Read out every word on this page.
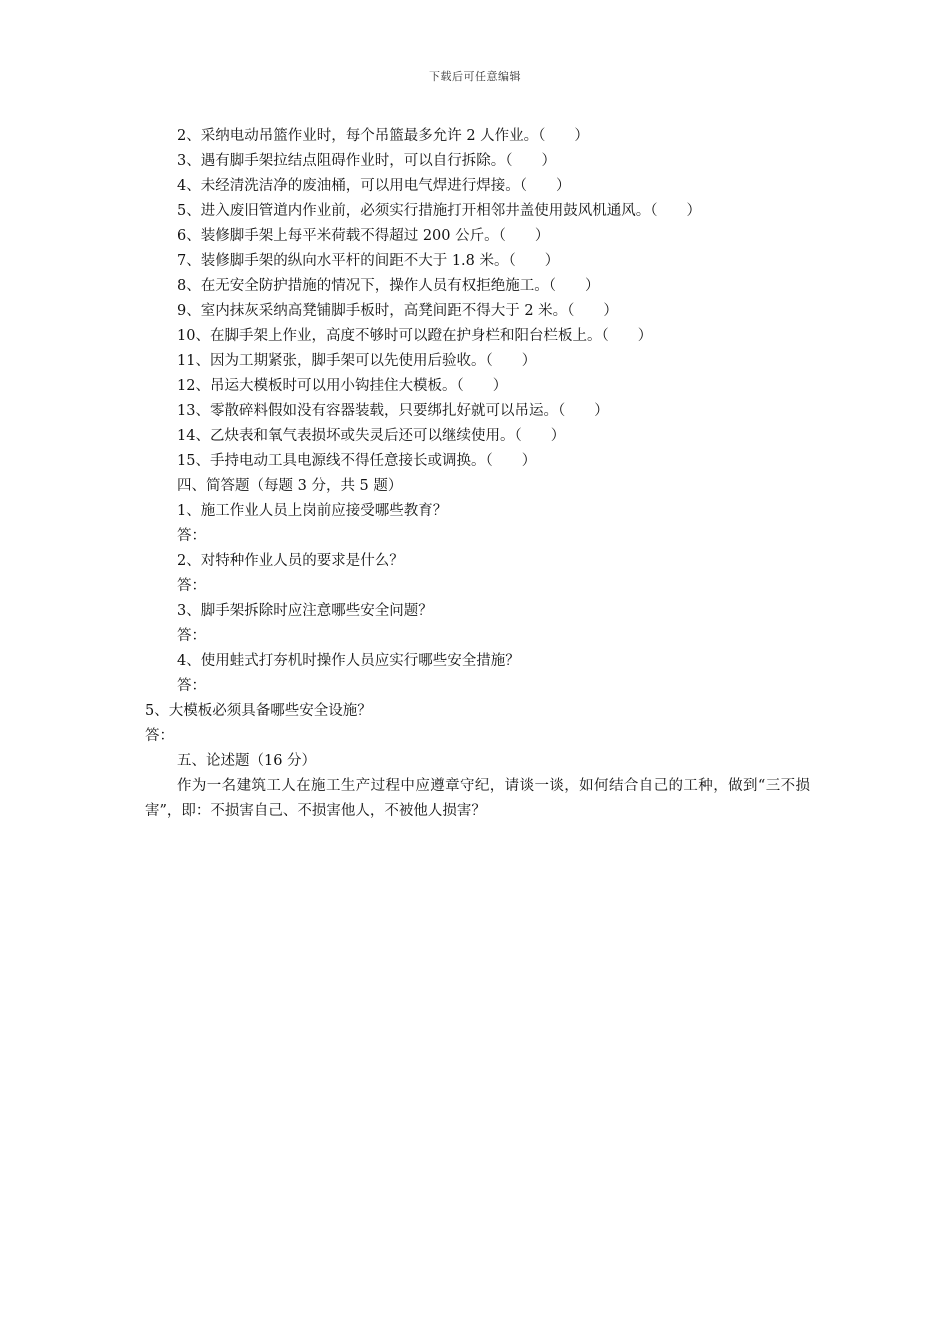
下载后可任意编辑
2、采纳电动吊篮作业时，每个吊篮最多允许 2 人作业。（　　）
3、遇有脚手架拉结点阻碍作业时，可以自行拆除。（　　）
4、未经清洗洁净的废油桶，可以用电气焊进行焊接。（　　）
5、进入废旧管道内作业前，必须实行措施打开相邻井盖使用鼓风机通风。（　　）
6、装修脚手架上每平米荷载不得超过 200 公斤。（　　）
7、装修脚手架的纵向水平杆的间距不大于 1.8 米。（　　）
8、在无安全防护措施的情况下，操作人员有权拒绝施工。（　　）
9、室内抹灰采纳高凳铺脚手板时，高凳间距不得大于 2 米。（　　）
10、在脚手架上作业，高度不够时可以蹬在护身栏和阳台栏板上。（　　）
11、因为工期紧张，脚手架可以先使用后验收。（　　）
12、吊运大模板时可以用小钩挂住大模板。（　　）
13、零散碎料假如没有容器装载，只要绑扎好就可以吊运。（　　）
14、乙炔表和氧气表损坏或失灵后还可以继续使用。（　　）
15、手持电动工具电源线不得任意接长或调换。（　　）
四、简答题（每题 3 分，共 5 题）
1、施工作业人员上岗前应接受哪些教育？
答：
2、对特种作业人员的要求是什么？
答：
3、脚手架拆除时应注意哪些安全问题？
答：
4、使用蛙式打夯机时操作人员应实行哪些安全措施？
答：
5、大模板必须具备哪些安全设施？
答：
五、论述题（16 分）

作为一名建筑工人在施工生产过程中应遵章守纪，请谈一谈，如何结合自己的工种，做到“三不损害”，即：不损害自己、不损害他人，不被他人损害？
